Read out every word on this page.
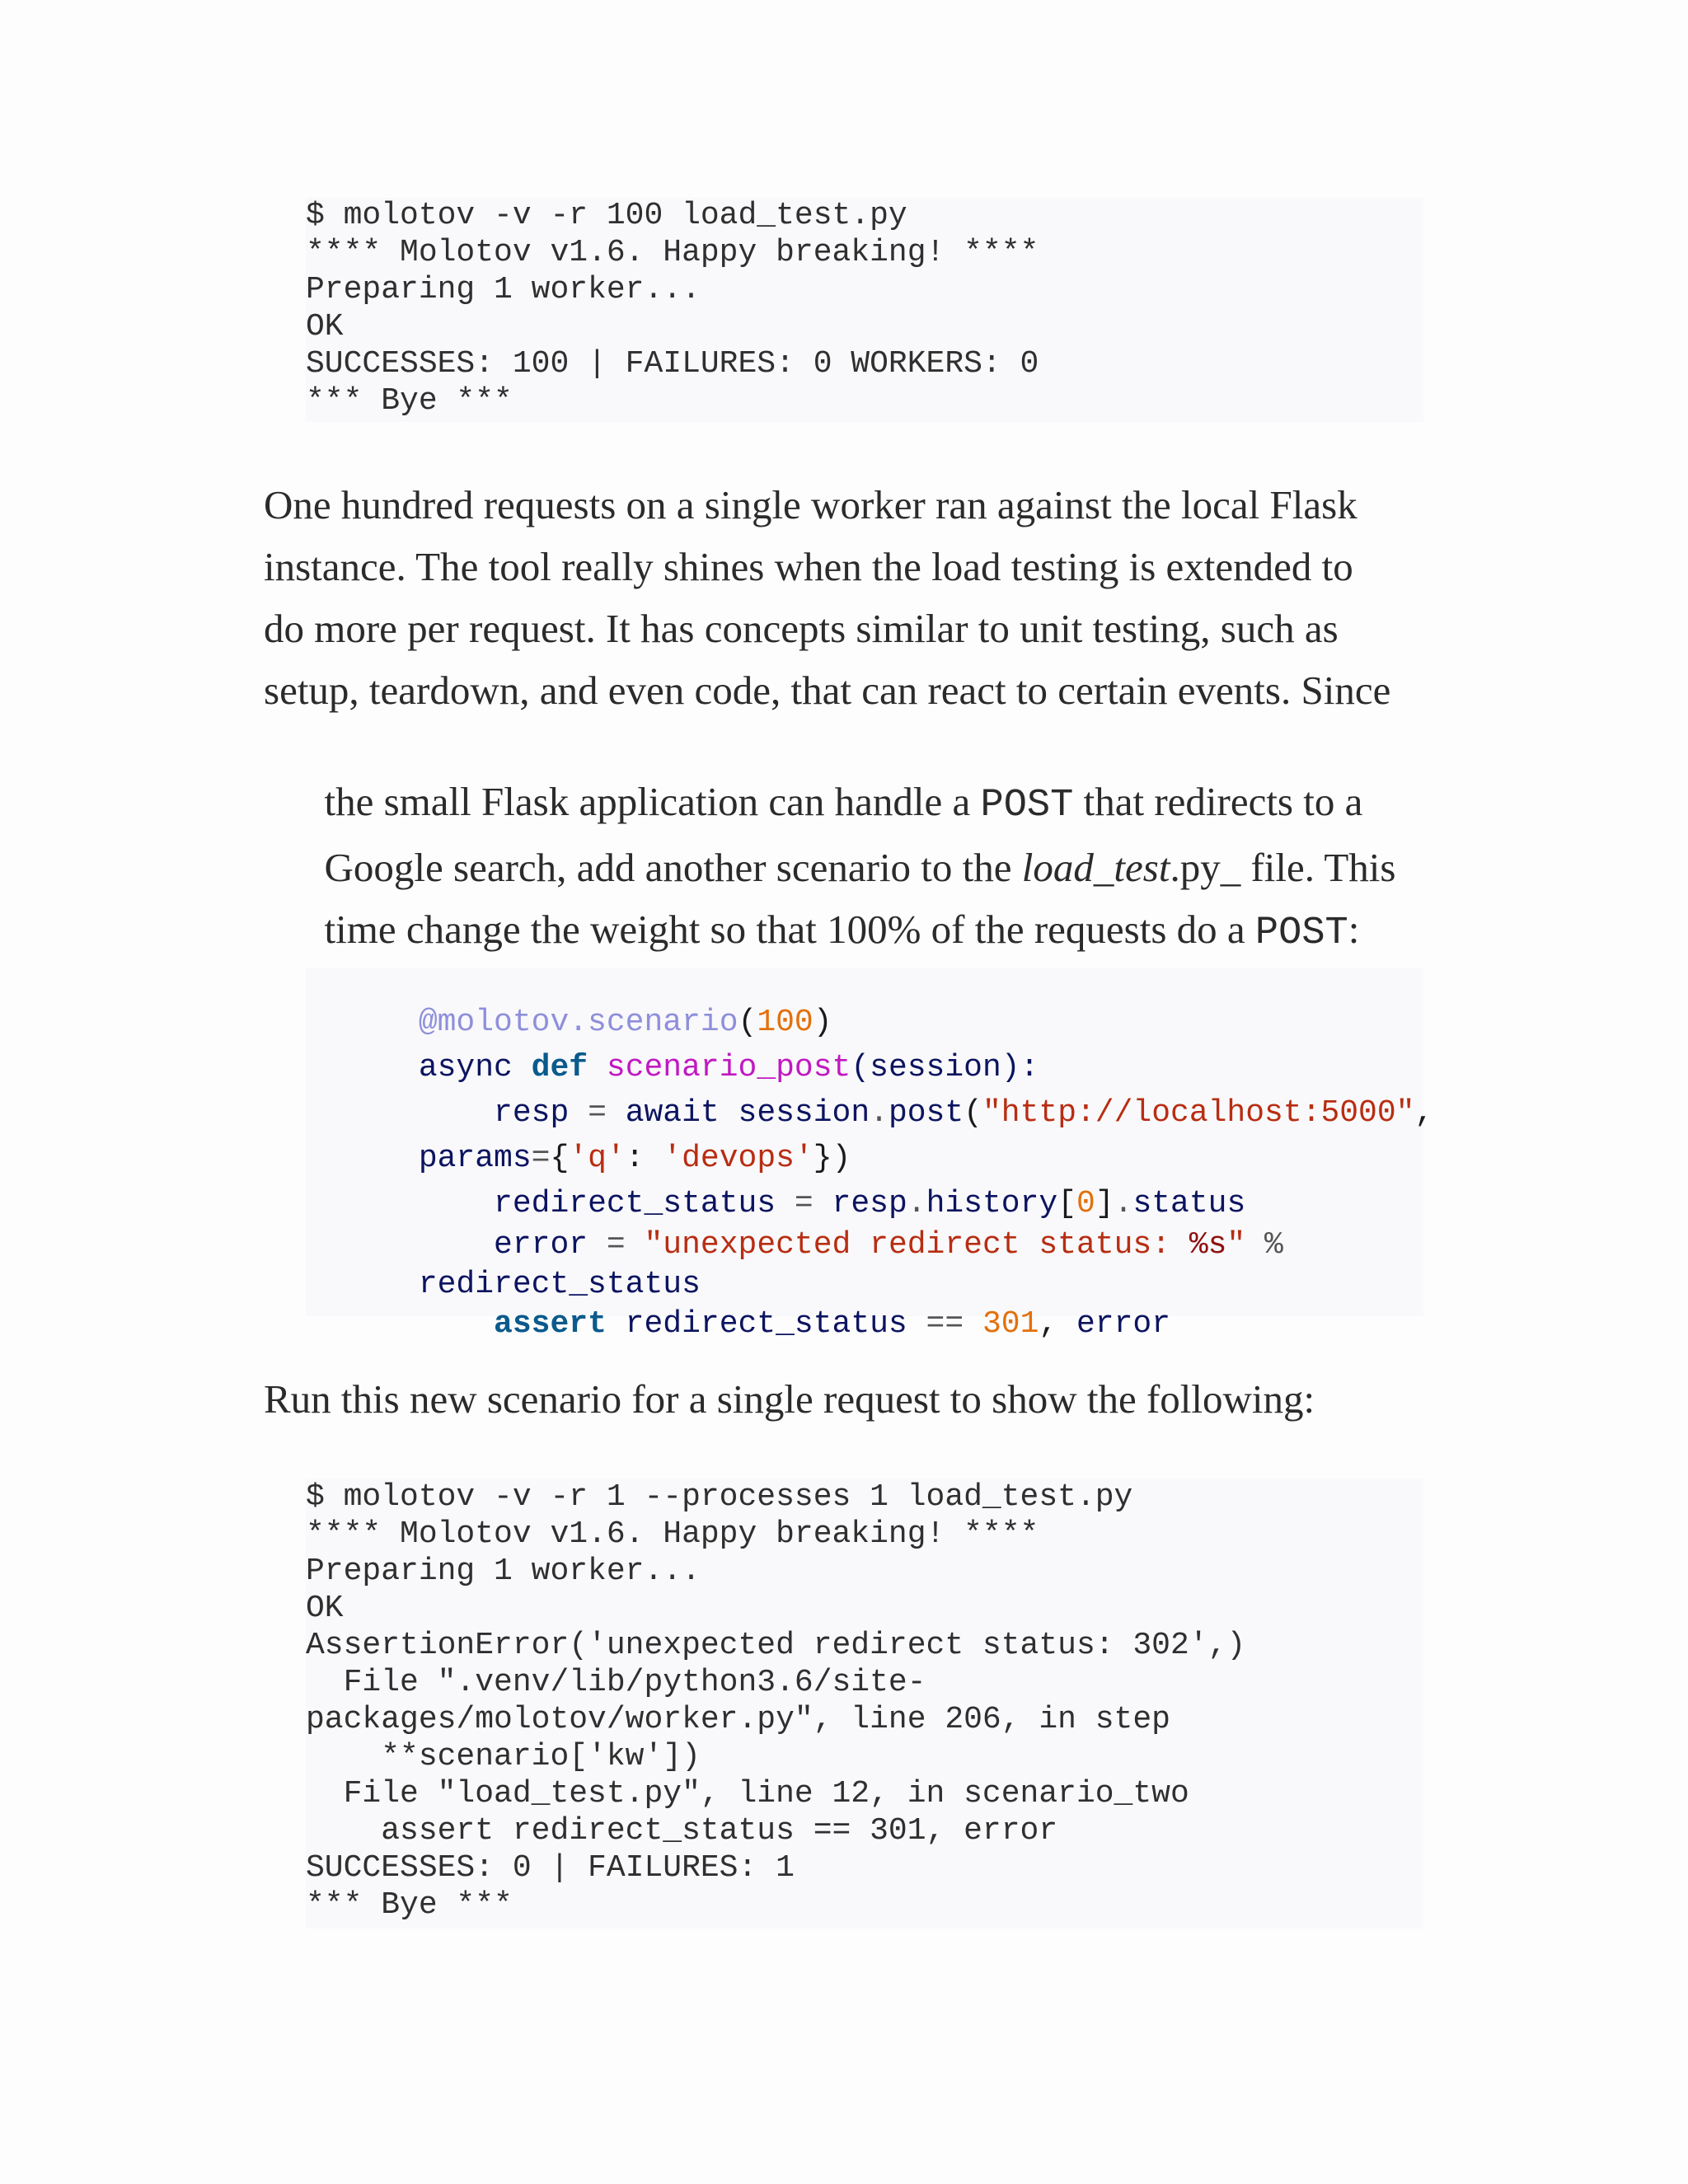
$ molotov -v -r 100 load_test.py
**** Molotov v1.6. Happy breaking! ****
Preparing 1 worker...
OK
SUCCESSES: 100 | FAILURES: 0 WORKERS: 0
*** Bye ***
One hundred requests on a single worker ran against the local Flask
instance. The tool really shines when the load testing is extended to
do more per request. It has concepts similar to unit testing, such as
setup, teardown, and even code, that can react to certain events. Since

the small Flask application can handle a POST that redirects to a

Google search, add another scenario to the load_test.py_ file. This

time change the weight so that 100% of the requests do a POST:

@molotov.scenario(100)

async def scenario_post(session):

resp = await session.post("http://localhost:5000",

params={'q': 'devops'})

redirect_status = resp.history[0].status

error = "unexpected redirect status: %s" %

redirect_status

assert redirect_status == 301, error

Run this new scenario for a single request to show the following:
$ molotov -v -r 1 --processes 1 load_test.py
**** Molotov v1.6. Happy breaking! ****
Preparing 1 worker...
OK
AssertionError('unexpected redirect status: 302',)
File ".venv/lib/python3.6/site-
packages/molotov/worker.py", line 206, in step
**scenario['kw'])
File "load_test.py", line 12, in scenario_two
assert redirect_status == 301, error
SUCCESSES: 0 | FAILURES: 1
*** Bye ***
